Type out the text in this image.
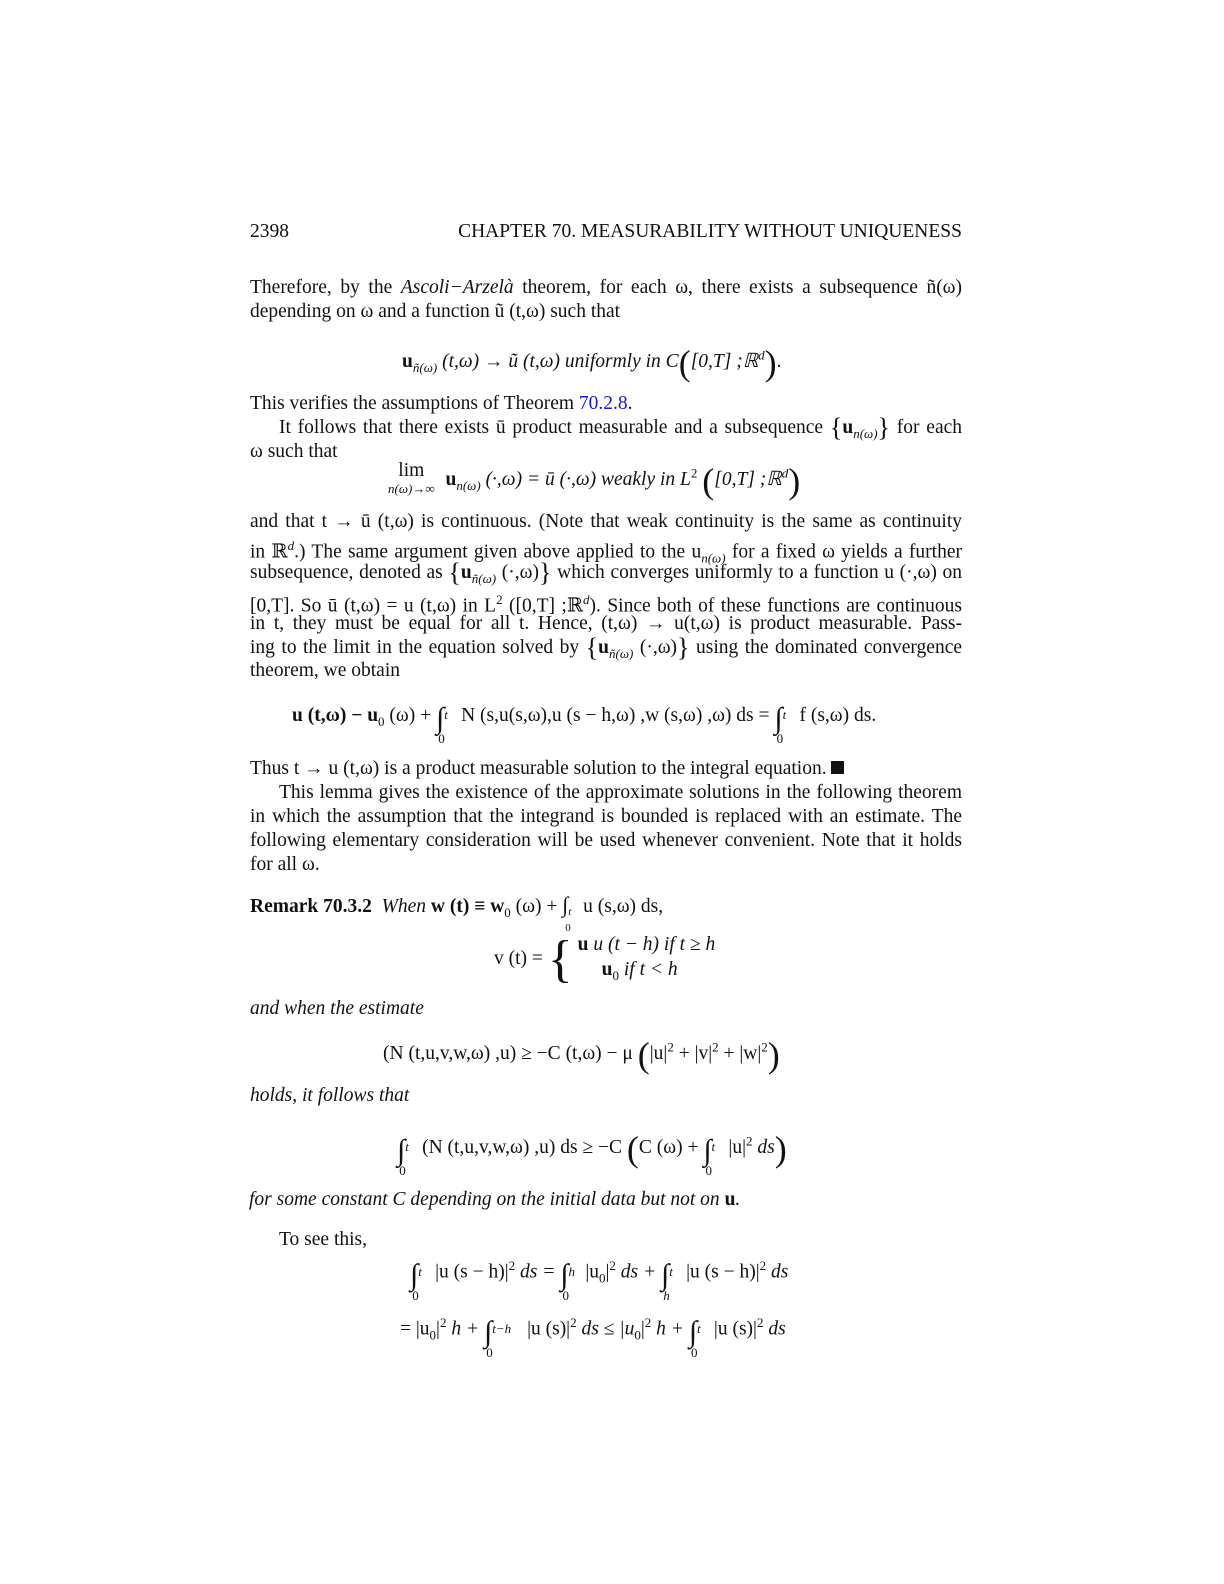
2398	CHAPTER 70. MEASURABILITY WITHOUT UNIQUENESS
Therefore, by the Ascoli−Arzelà theorem, for each ω, there exists a subsequence ñ(ω)
depending on ω and a function ũ (t,ω) such that
$u_{ñ(\omega)}$ (t,ω) → ũ (t,ω) uniformly in C([0,T] ;ℝ$^d$).
This verifies the assumptions of Theorem 70.2.8.
It follows that there exists ū product measurable and a subsequence $\{u_{n(\omega)}\}$ for each
ω such that
lim
n(ω)→∞ $u_{n(\omega)}$ (·,ω) = ū (·,ω) weakly in $L^2$ ([0,T] ;ℝ$^d$)
and that t → ū (t,ω) is continuous. (Note that weak continuity is the same as continuity
in ℝ$^d$.) The same argument given above applied to the $u_{n(\omega)}$ for a fixed ω yields a further
subsequence, denoted as {$u_{ñ(\omega)}$ (·,ω)} which converges uniformly to a function u (·,ω) on
[0,T]. So ū (t,ω) = u (t,ω) in $L^2$ ([0,T] ;ℝ$^d$). Since both of these functions are continuous
in t, they must be equal for all t. Hence, (t,ω) → u(t,ω) is product measurable. Pass-
ing to the limit in the equation solved by {$u_{ñ(\omega)}$ (·,ω)} using the dominated convergence
theorem, we obtain
u $(t,\omega) - u_0$ (ω) + ∫ t
0
N (s,u(s,ω),u (s − h,ω) ,w (s,ω) ,ω) ds = ∫ t
0
f (s,ω) ds.
Thus t → u (t,ω) is a product measurable solution to the integral equation.
This lemma gives the existence of the approximate solutions in the following theorem
in which the assumption that the integrand is bounded is replaced with an estimate. The
following elementary consideration will be used whenever convenient. Note that it holds
for all ω.
Remark 70.3.2 When w $(t) \equiv w_0$ (ω) + ∫ t
0
u (s,ω) ds,
v (t) = { u u (t − h) if t ≥ h
$u_0$ if t < h
and when the estimate
(N (t,u,v,w,ω) ,u) ≥ −C (t,ω) − μ $(|u|^2 + |v|^2 + |w|^2)$
holds, it follows that
∫ t
0
(N (t,u,v,w,ω) ,u) ds ≥ −C (C (ω) + ∫ t
0
$|u|^2$ ds)
for some constant C depending on the initial data but not on u.
To see this,
∫ t
0
|u $(s - h)|^2$ ds = ∫ h
0
$|u_0|^2$ ds + ∫ t
h
|u $(s - h)|^2$ ds
= $|u_0|^2$ h + ∫ t−h
0
|u $(s)|^2$ ds ≤ $|u_0|^2$ h + ∫ t
0
|u $(s)|^2$ ds
